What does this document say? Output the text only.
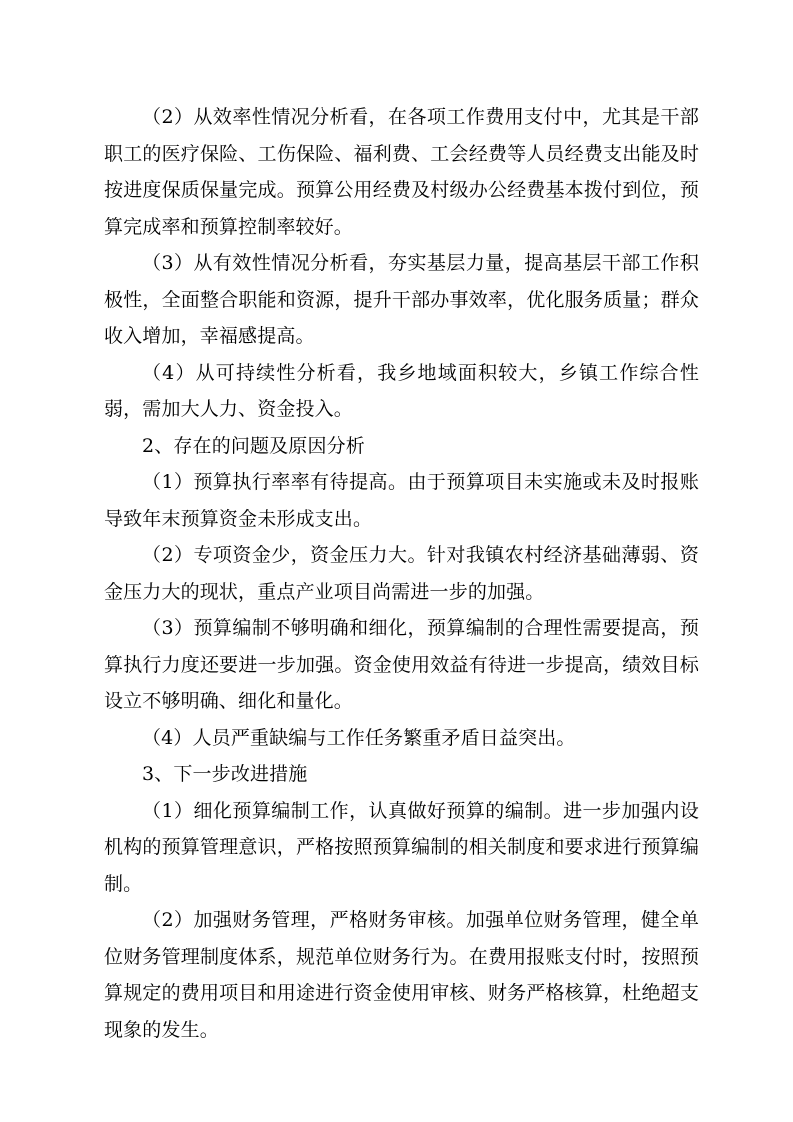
（2）从效率性情况分析看，在各项工作费用支付中，尤其是干部职工的医疗保险、工伤保险、福利费、工会经费等人员经费支出能及时按进度保质保量完成。预算公用经费及村级办公经费基本拨付到位，预算完成率和预算控制率较好。

（3）从有效性情况分析看，夯实基层力量，提高基层干部工作积极性，全面整合职能和资源，提升干部办事效率，优化服务质量；群众收入增加，幸福感提高。

（4）从可持续性分析看，我乡地域面积较大，乡镇工作综合性弱，需加大人力、资金投入。

2、存在的问题及原因分析

（1）预算执行率率有待提高。由于预算项目未实施或未及时报账导致年末预算资金未形成支出。

（2）专项资金少，资金压力大。针对我镇农村经济基础薄弱、资金压力大的现状，重点产业项目尚需进一步的加强。

（3）预算编制不够明确和细化，预算编制的合理性需要提高，预算执行力度还要进一步加强。资金使用效益有待进一步提高，绩效目标设立不够明确、细化和量化。

（4）人员严重缺编与工作任务繁重矛盾日益突出。

3、下一步改进措施

（1）细化预算编制工作，认真做好预算的编制。进一步加强内设机构的预算管理意识，严格按照预算编制的相关制度和要求进行预算编制。

（2）加强财务管理，严格财务审核。加强单位财务管理，健全单位财务管理制度体系，规范单位财务行为。在费用报账支付时，按照预算规定的费用项目和用途进行资金使用审核、财务严格核算，杜绝超支现象的发生。
